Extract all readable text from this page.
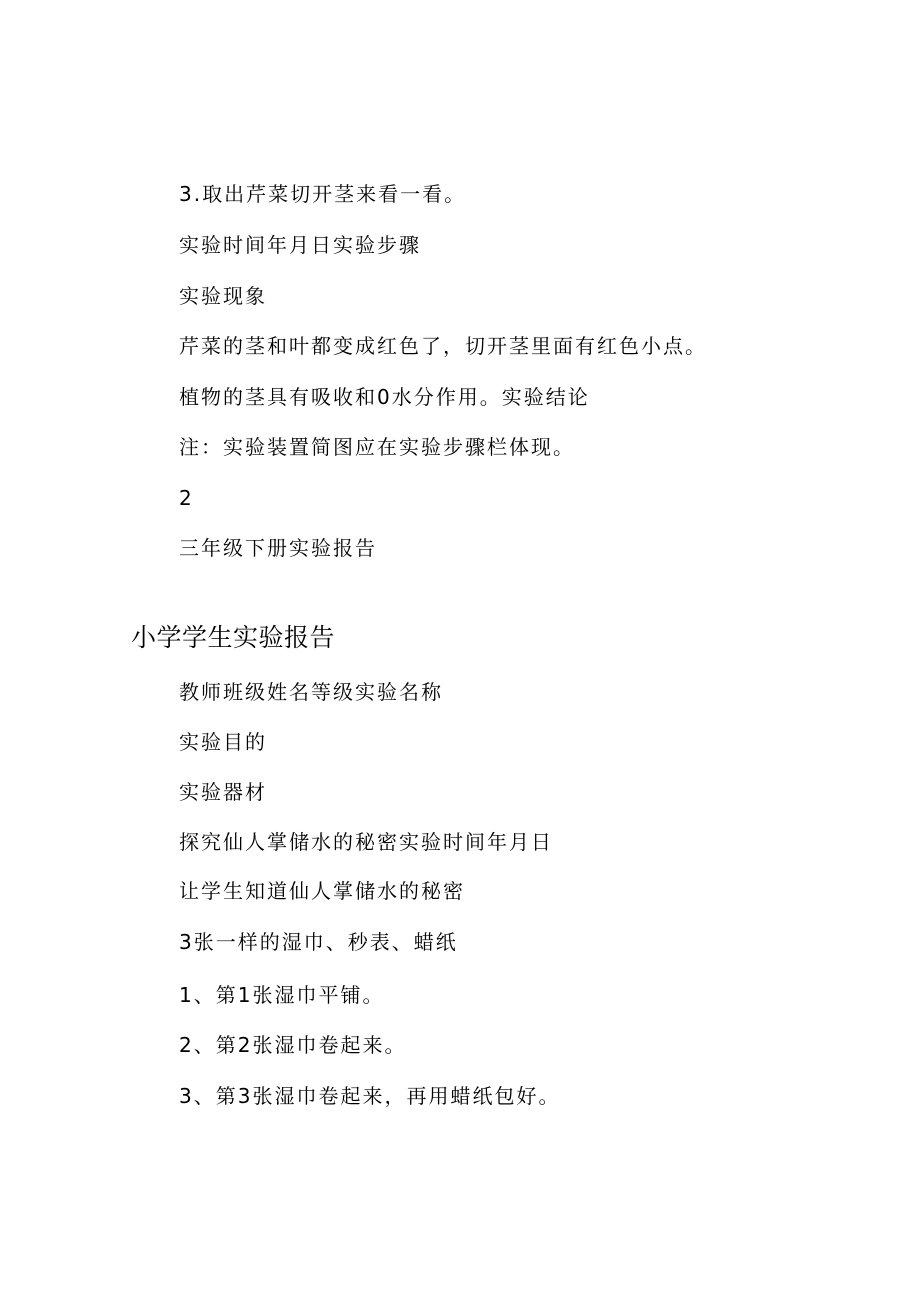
3.取出芹菜切开茎来看一看。

实验时间年月日实验步骤

实验现象

芹菜的茎和叶都变成红色了，切开茎里面有红色小点。

植物的茎具有吸收和0水分作用。实验结论

注：实验装置简图应在实验步骤栏体现。

2

三年级下册实验报告

小学学生实验报告

教师班级姓名等级实验名称

实验目的

实验器材

探究仙人掌储水的秘密实验时间年月日

让学生知道仙人掌储水的秘密

3张一样的湿巾、秒表、蜡纸

1、第1张湿巾平铺。

2、第2张湿巾卷起来。

3、第3张湿巾卷起来，再用蜡纸包好。
